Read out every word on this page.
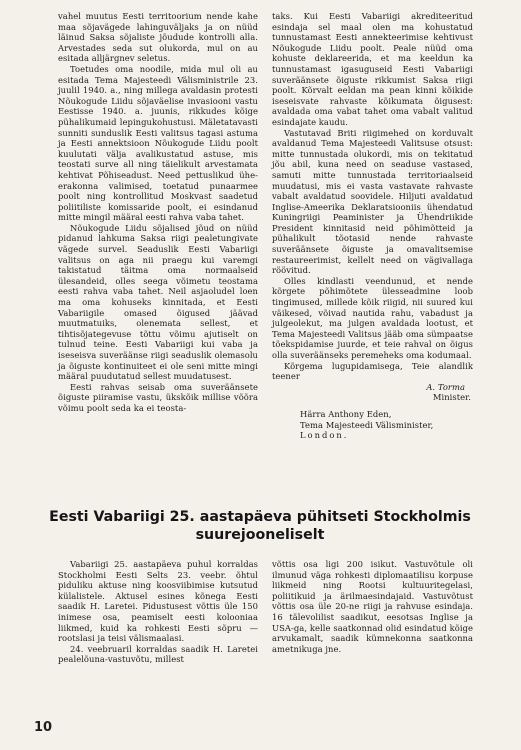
vahel muutus Eesti territoorium nende kahe maa sõjavägede lahinguväljaks ja on nüüd läinud Saksa sõjaliste jõudude kontrolli alla. Arvestades seda sut olukorda, mul on au esitada alljärgnev seletus.

Toetudes oma noodile, mida mul oli au esitada Tema Majesteedi Välisministrile 23. juulil 1940. a., ning millega avaldasin protesti Nõukogude Liidu sõjaväelise invasiooni vastu Eestisse 1940. a. juunis, rikkudes kõige pühalikumaid lepingukohustusi. Mäletatavasti sunniti sunduslik Eesti valitsus tagasi astuma ja Eesti annektsioon Nõukogude Liidu poolt kuulutati välja avalikustatud astuse, mis teostati surve all ning täielikult arvestamata kehtivat Põhiseadust. Need pettuslikud ühe-erakonna valimised, toetatud punaarmee poolt ning kontrollitud Moskvast saadetud poliitiliste komissaride poolt, ei esindanud mitte mingil määral eesti rahva vaba tahet.

Nõukogude Liidu sõjalised jõud on nüüd pidanud lahkuma Saksa riigi pealetungivate vägede survel. Seaduslik Eesti Vabariigi valitsus on aga nii praegu kui varemgi takistatud täitma oma normaalseid ülesandeid, olles seega võimetu teostama eesti rahva vaba tahet. Neil asjaoludel loen ma oma kohuseks kinnitada, et Eesti Vabariigile omased õigused jäävad muutmatuiks, olenemata sellest, et tihtisõjategevuse tõttu võimu ajutiselt on tulnud teine. Eesti Vabariigi kui vaba ja iseseisva suveräänse riigi seaduslik olemasolu ja õiguste kontinuiteet ei ole seni mitte mingi määral puudutatud sellest muudatusest.

Eesti rahvas seisab oma suveräänsete õiguste piiramise vastu, ükskõik millise võõra võimu poolt seda ka ei teosta-

taks. Kui Eesti Vabariigi akrediteeritud esindaja sel maal olen ma kohustatud tunnustamast Eesti annekteerimise kehtivust Nõukogude Liidu poolt. Peale nüüd oma kohuste deklareerida, et ma keeldun ka tunnustamast igasuguseid Eesti Vabariigi suveräänsete õiguste rikkumist Saksa riigi poolt. Kõrvalt eeldan ma pean kinni kõikide iseseisvate rahvaste kõikumata õigusest: avaldada oma vabat tahet oma vabalt valitud esindajate kaudu.

Vastutavad Briti riigimehed on korduvalt avaldanud Tema Majesteedi Valitsuse otsust: mitte tunnustada olukordi, mis on tekitatud jõu abil, kuna need on seaduse vastased, samuti mitte tunnustada territoriaalseid muudatusi, mis ei vasta vastavate rahvaste vabalt avaldatud soovidele. Hiljuti avaldatud Inglise-Ameerika Deklaratsiooniis ühendatud Kuningriigi Peaminister ja Ühendriikide President kinnitasid neid põhimõtteid ja pühalikult tõotasid nende rahvaste suveräänsete õiguste ja omavalitsemise restaureerimist, kellelt need on vägivallaga röövitud.

Olles kindlasti veendunud, et nende kõrgete põhimõtete ülesseadmine loob tingimused, millede kõik riigid, nii suured kui väikesed, võivad nautida rahu, vabadust ja julgeolekut, ma julgen avaldada lootust, et Tema Majesteedi Valitsus jääb oma sümpaatse töekspidamise juurde, et teie rahval on õigus olla suveräänseks peremeheks oma kodumaal.

Kõrgema lugupidamisega, Teie alandlik teener

A. Torma

Minister.

Härra Anthony Eden,

Tema Majesteedi Välisminister,

London.

Eesti Vabariigi 25. aastapäeva pühitseti Stockholmis suurejooneliselt

Vabariigi 25. aastapäeva puhul korraldas Stockholmi Eesti Selts 23. veebr. õhtul piduliku aktuse ning koosviibimise kutsutud külalistele. Aktusel esines kõnega Eesti saadik H. Laretei. Pidustusest võttis üle 150 inimese osa, peamiselt eesti kolooniaa liikmed, kuid ka rohkesti Eesti sõpru — rootslasi ja teisi välismaalasi.

24. veebruaril korraldas saadik H. Laretei pealelõuna-vastuvõtu, millest

võttis osa ligi 200 isikut. Vastuvõtule oli ilmunud väga rohkesti diplomaatilisu korpuse liikmeid ning Rootsi kultuuritegelasi, poliitikuid ja ärilmaesindajaid. Vastuvõtust võttis osa üle 20-ne riigi ja rahvuse esindaja. 16 tälevolilist saadikut, eesotsas Inglise ja USA-ga, kelle saatkonnad olid esindatud kõige arvukamalt, saadik kümnekonna saatkonna ametnikuga jne.

10
